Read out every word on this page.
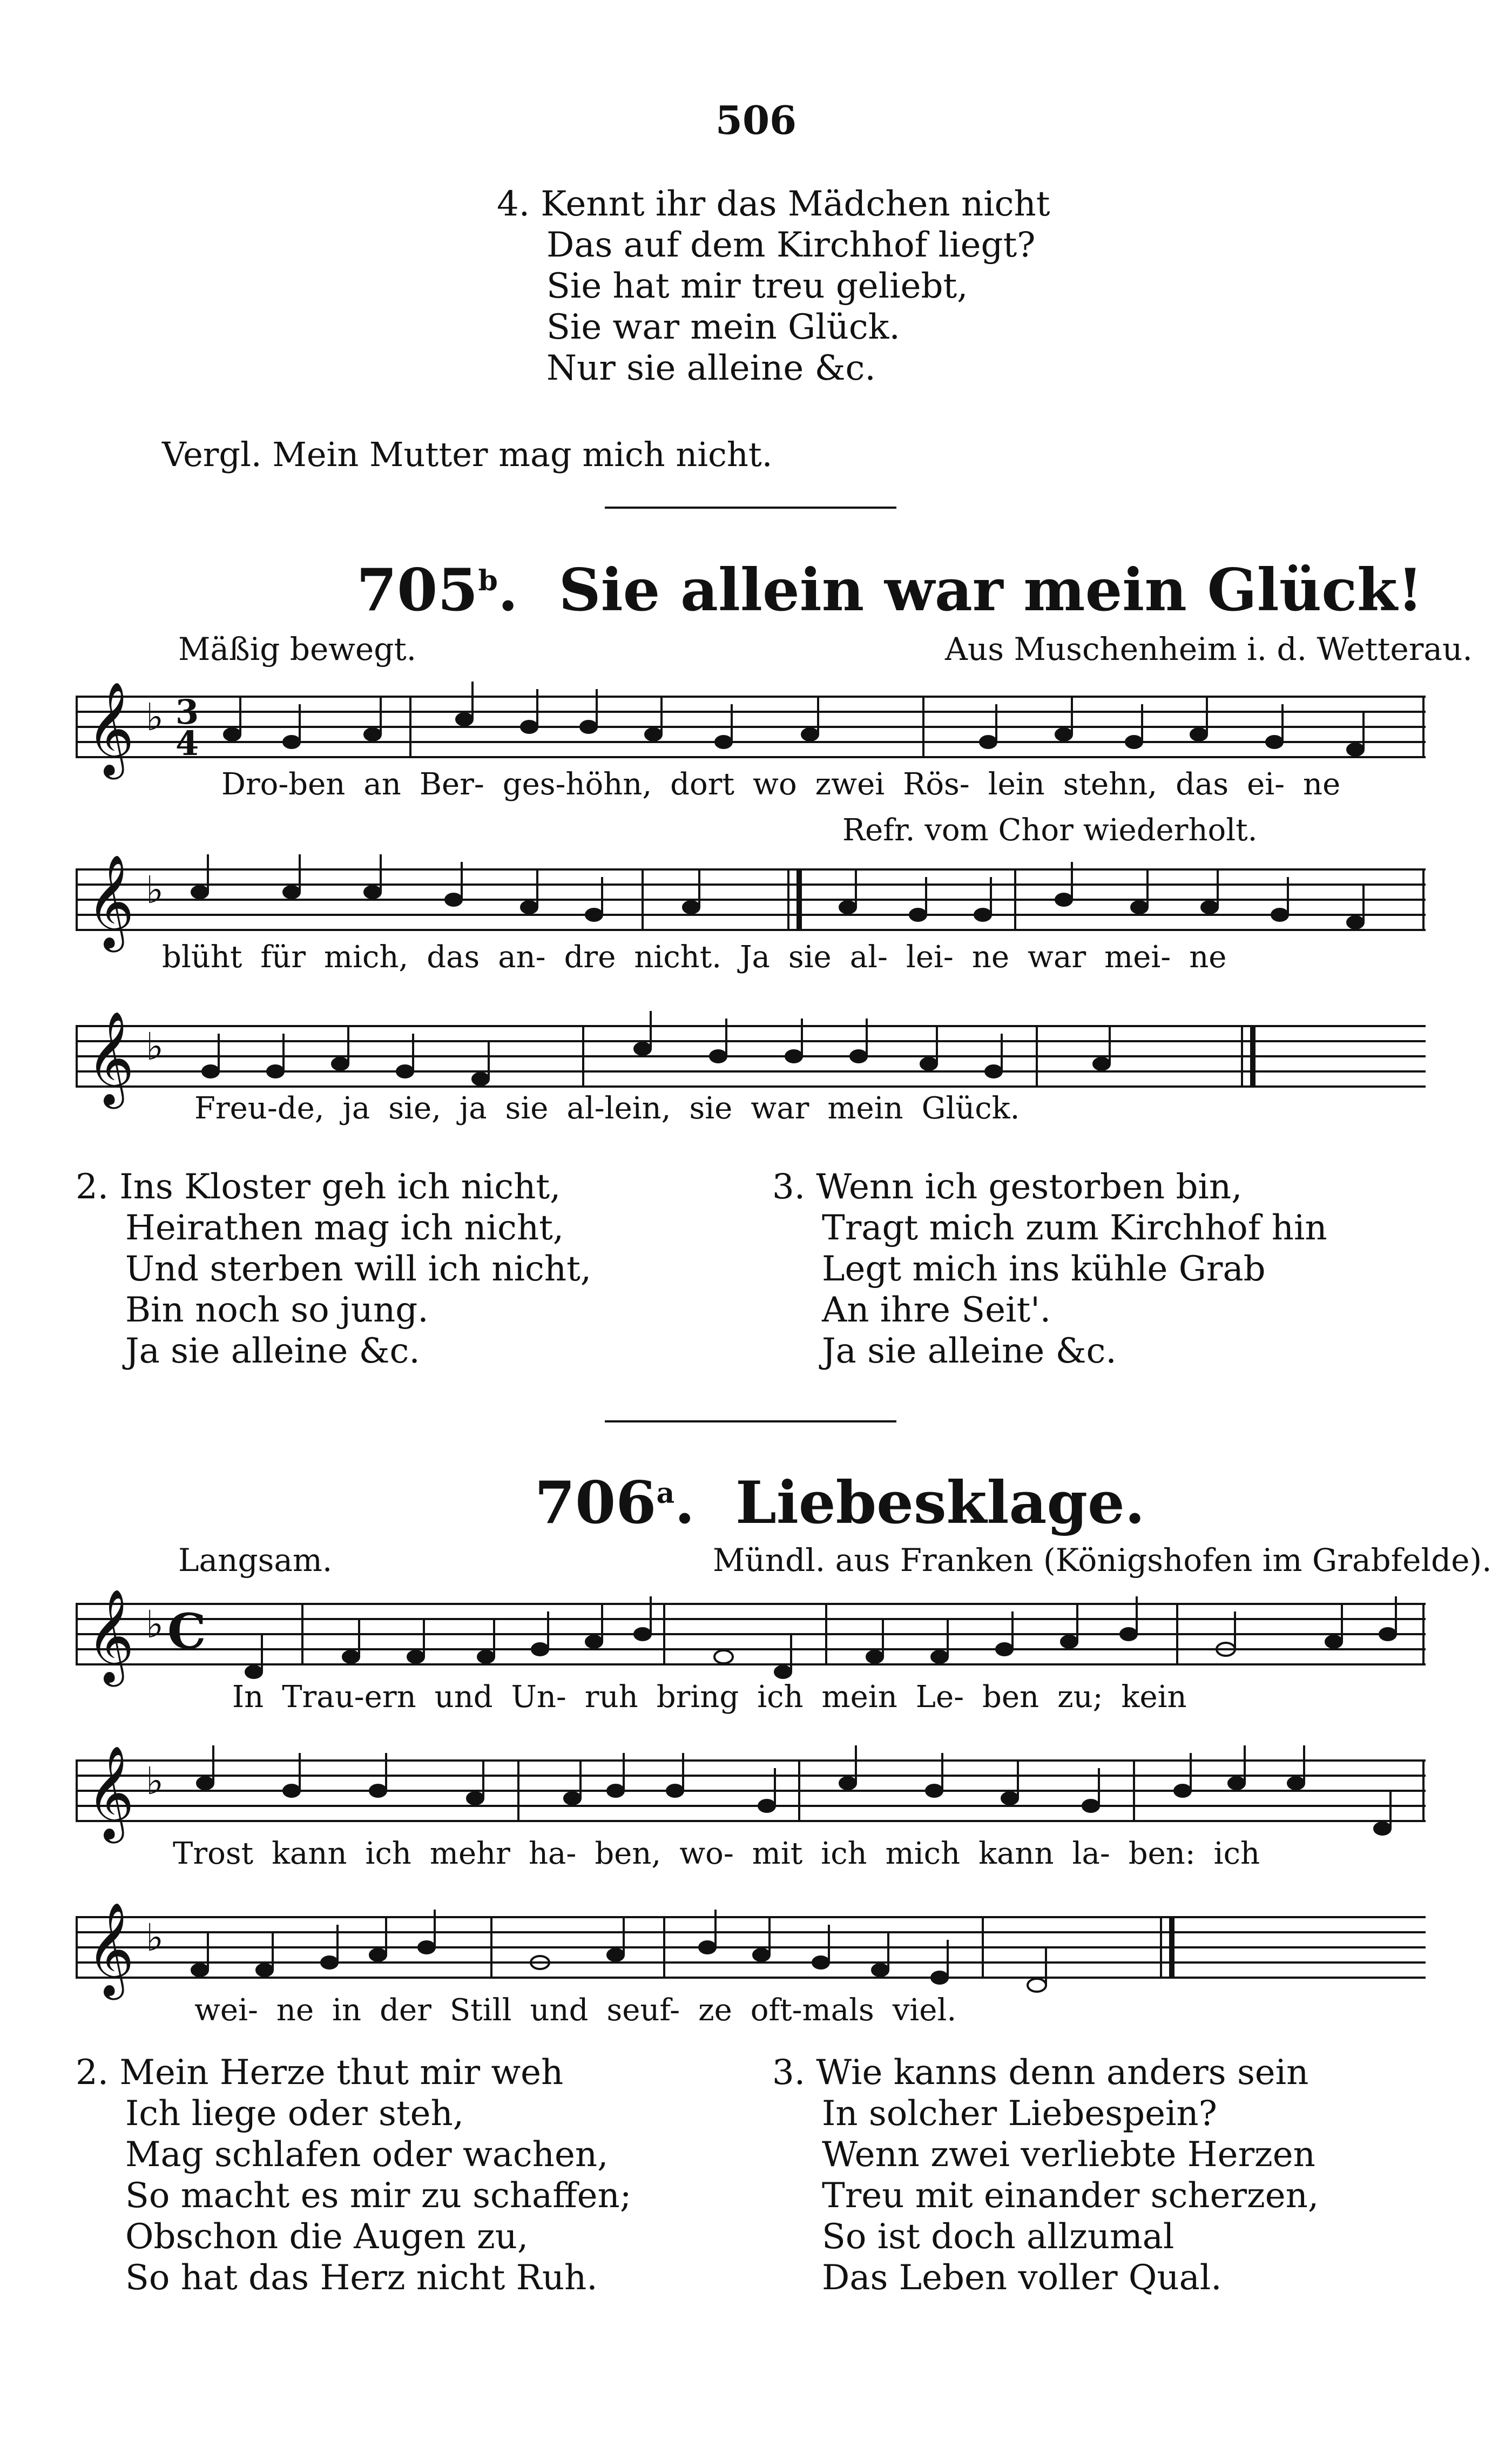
506
4. Kennt ihr das Mädchen nicht
Das auf dem Kirchhof liegt?
Sie hat mir treu geliebt,
Sie war mein Glück.
Nur sie alleine &c.
Vergl. Mein Mutter mag mich nicht.
705$^b$.  Sie allein war mein Glück!
Mäßig bewegt.	Aus Muschenheim i. d. Wetterau.
𝄞 ♭ 3
4
Dro-ben an Ber- ges-höhn, dort wo zwei Rös- lein stehn, das ei- ne
Refr. vom Chor wiederholt.
𝄞 ♭
blüht für mich, das an- dre nicht. Ja sie al- lei- ne war mei- ne
𝄞 ♭
Freu-de, ja sie, ja sie al-lein, sie war mein Glück.
2. Ins Kloster geh ich nicht,
Heirathen mag ich nicht,
Und sterben will ich nicht,
Bin noch so jung.
Ja sie alleine &c.
3. Wenn ich gestorben bin,
Tragt mich zum Kirchhof hin
Legt mich ins kühle Grab
An ihre Seit'.
Ja sie alleine &c.
706$^a$.  Liebesklage.
Langsam.	Mündl. aus Franken (Königshofen im Grabfelde).
𝄞 ♭ C
In Trau-ern und Un- ruh bring ich mein Le- ben zu; kein
𝄞 ♭
Trost kann ich mehr ha- ben, wo- mit ich mich kann la- ben: ich
𝄞 ♭
wei- ne in der Still und seuf- ze oft-mals viel.
2. Mein Herze thut mir weh
Ich liege oder steh,
Mag schlafen oder wachen,
So macht es mir zu schaffen;
Obschon die Augen zu,
So hat das Herz nicht Ruh.
3. Wie kanns denn anders sein
In solcher Liebespein?
Wenn zwei verliebte Herzen
Treu mit einander scherzen,
So ist doch allzumal
Das Leben voller Qual.
